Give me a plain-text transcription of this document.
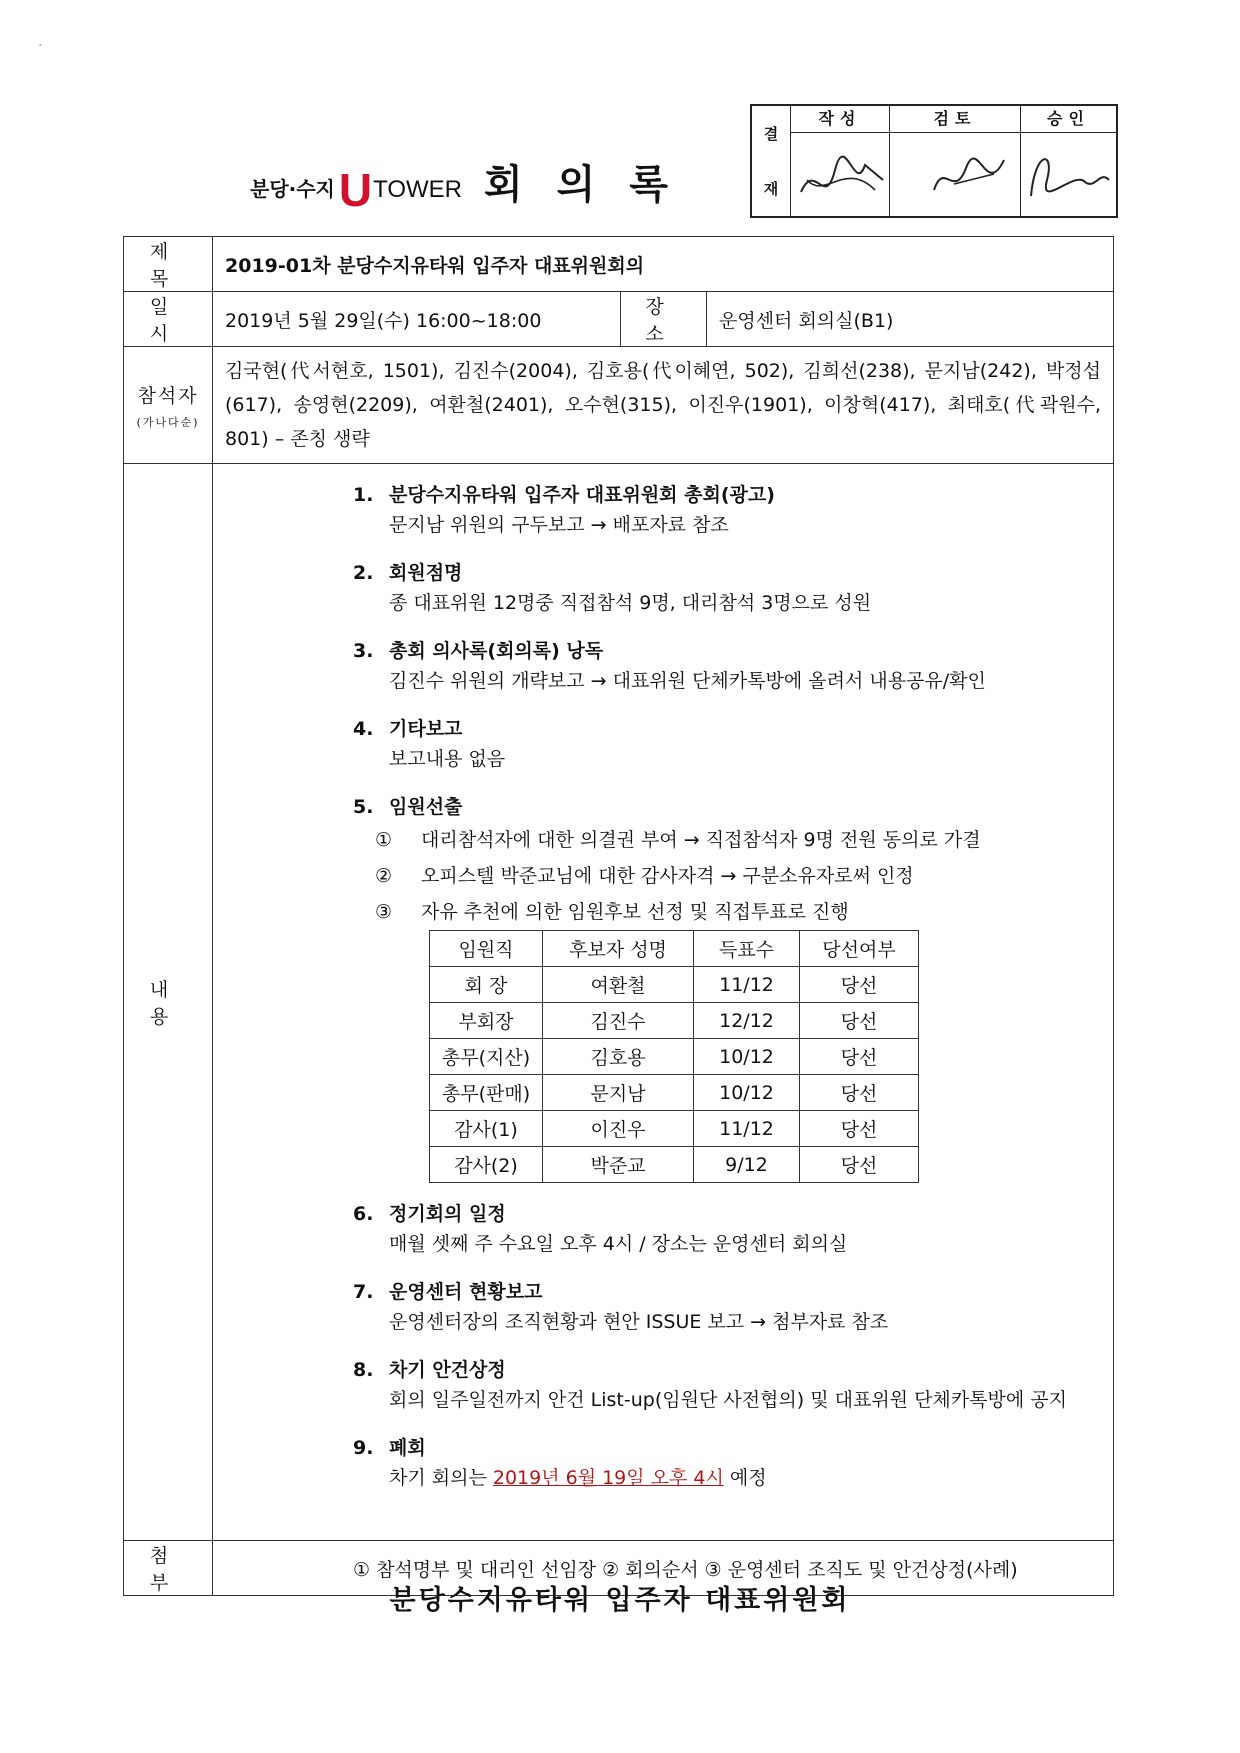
·
분당·수지 U TOWER 회의록
결
재
작성	검토	승인
제 목	2019-01차 분당수지유타워 입주자 대표위원회의
일 시	2019년 5월 29일(수) 16:00~18:00	장 소	운영센터 회의실(B1)

참석자
(가나다순)
	김국현(代서현호, 1501), 김진수(2004), 김호용(代이혜연, 502), 김희선(238), 문지남(242), 박정섭(617), 송영현(2209), 여환철(2401), 오수현(315), 이진우(1901), 이창혁(417), 최태호(代곽원수, 801) – 존칭 생략
내 용	
1. 분당수지유타워 입주자 대표위원회 총회(광고)
문지남 위원의 구두보고 → 배포자료 참조
2. 회원점명
종 대표위원 12명중 직접참석 9명, 대리참석 3명으로 성원
3. 총회 의사록(회의록) 낭독
김진수 위원의 개략보고 → 대표위원 단체카톡방에 올려서 내용공유/확인
4. 기타보고
보고내용 없음
5. 임원선출
①	대리참석자에 대한 의결권 부여 → 직접참석자 9명 전원 동의로 가결
②	오피스텔 박준교님에 대한 감사자격 → 구분소유자로써 인정
③	자유 추천에 의한 임원후보 선정 및 직접투표로 진행
임원직	후보자 성명	득표수	당선여부
회 장	여환철	11/12	당선
부회장	김진수	12/12	당선
총무(지산)	김호용	10/12	당선
총무(판매)	문지남	10/12	당선
감사(1)	이진우	11/12	당선
감사(2)	박준교	9/12	당선
6. 정기회의 일정
매월 셋째 주 수요일 오후 4시 / 장소는 운영센터 회의실
7. 운영센터 현황보고
운영센터장의 조직현황과 현안 ISSUE 보고 → 첨부자료 참조
8. 차기 안건상정
회의 일주일전까지 안건 List-up(임원단 사전협의) 및 대표위원 단체카톡방에 공지
9. 폐회
차기 회의는 2019년 6월 19일 오후 4시 예정

첨 부	① 참석명부 및 대리인 선임장 ② 회의순서 ③ 운영센터 조직도 및 안건상정(사례)
분당수지유타워 입주자 대표위원회
